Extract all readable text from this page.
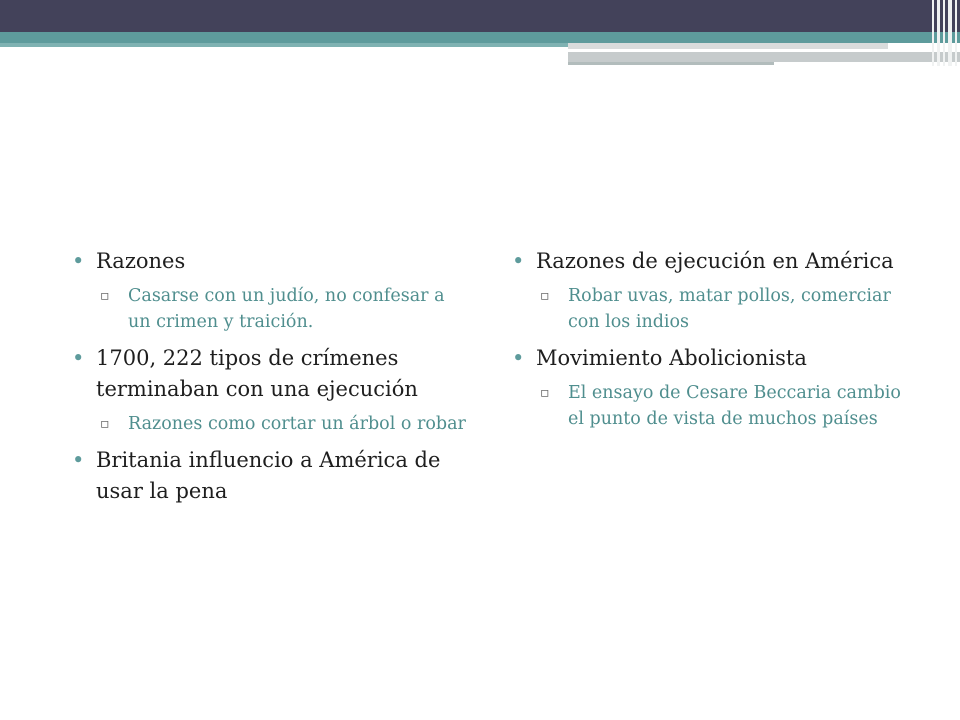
• Razones
▫ Casarse con un judío, no confesar a un crimen y traición.
• 1700, 222 tipos de crímenes terminaban con una ejecución
▫ Razones como cortar un árbol o robar
• Britania influencio a América de usar la pena
• Razones de ejecución en América
▫ Robar uvas, matar pollos, comerciar con los indios
• Movimiento Abolicionista
▫ El ensayo de Cesare Beccaria cambio el punto de vista de muchos países
